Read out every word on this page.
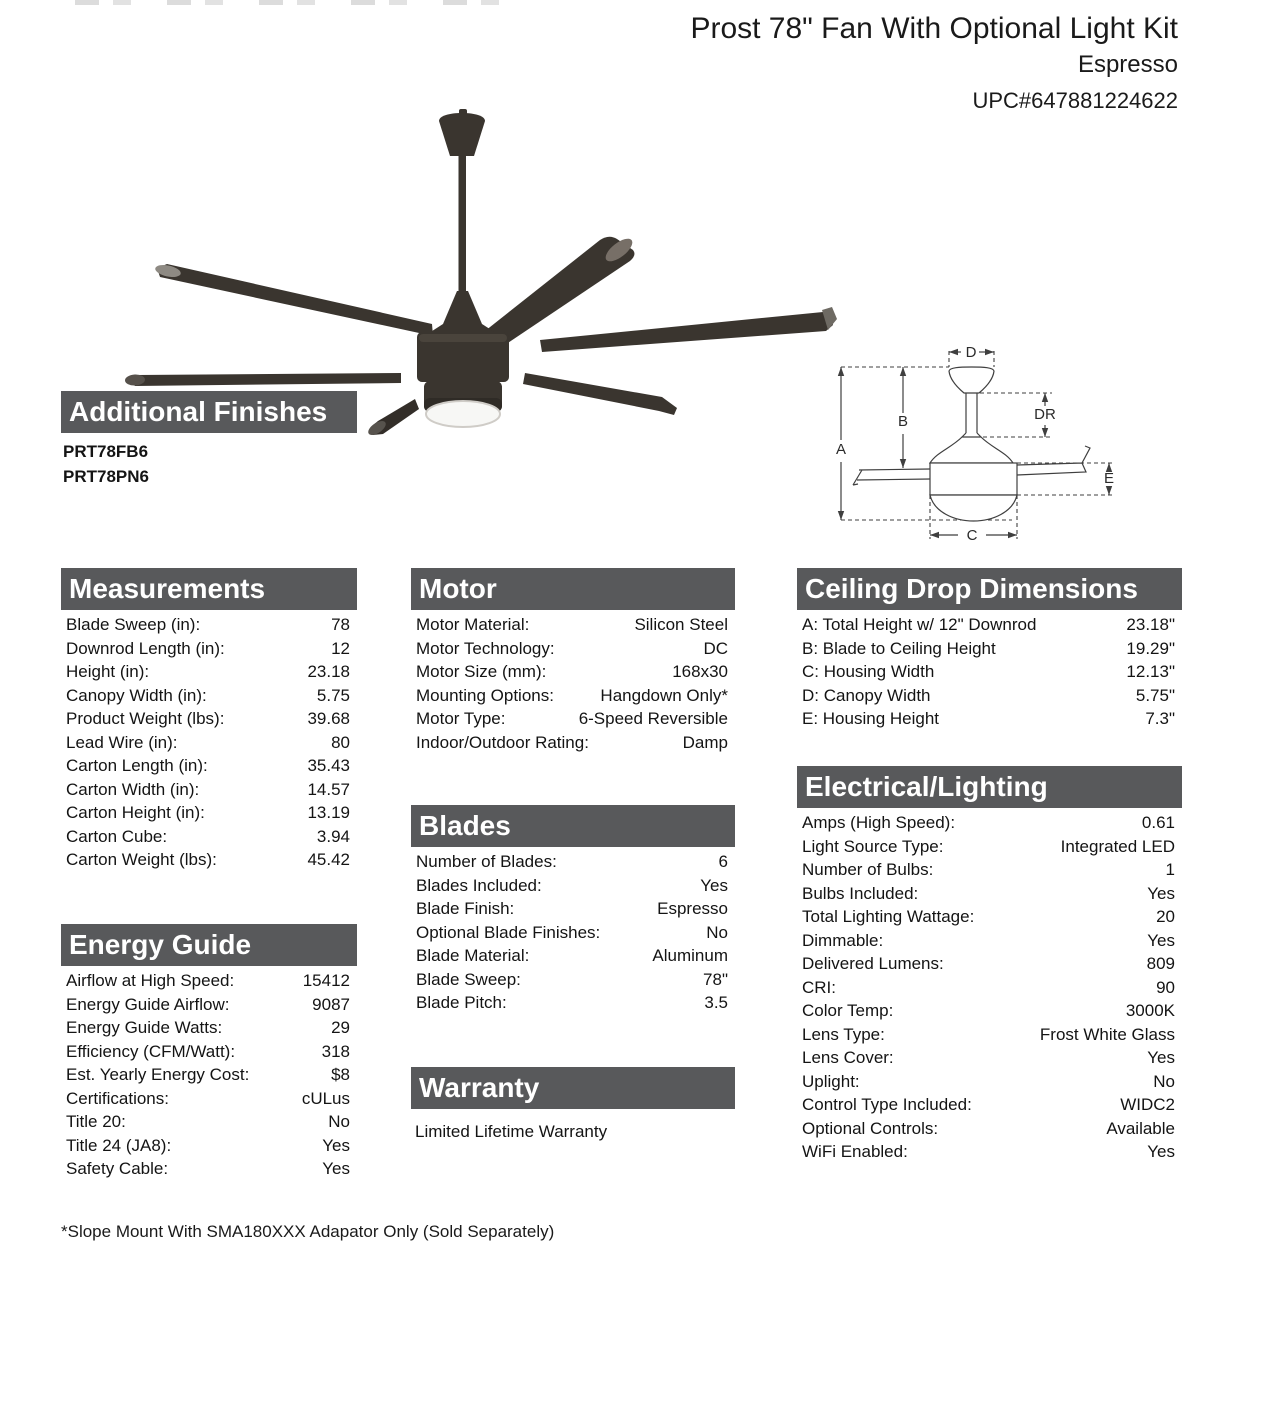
Prost 78" Fan With Optional Light Kit
Espresso
UPC#647881224622
D
A
B	DR
E
C
Additional Finishes
PRT78FB6
PRT78PN6
Measurements
Blade Sweep (in):	78
Downrod Length (in):	12
Height (in):	23.18
Canopy Width (in):	5.75
Product Weight (lbs):	39.68
Lead Wire (in):	80
Carton Length (in):	35.43
Carton Width (in):	14.57
Carton Height (in):	13.19
Carton Cube:	3.94
Carton Weight (lbs):	45.42
Energy Guide
Airflow at High Speed:	15412
Energy Guide Airflow:	9087
Energy Guide Watts:	29
Efficiency (CFM/Watt):	318
Est. Yearly Energy Cost:	$8
Certifications:	cULus
Title 20:	No
Title 24 (JA8):	Yes
Safety Cable:	Yes
Motor
Motor Material:	Silicon Steel
Motor Technology:	DC
Motor Size (mm):	168x30
Mounting Options:	Hangdown Only*
Motor Type:	6-Speed Reversible
Indoor/Outdoor Rating:	Damp
Blades
Number of Blades:	6
Blades Included:	Yes
Blade Finish:	Espresso
Optional Blade Finishes:	No
Blade Material:	Aluminum
Blade Sweep:	78"
Blade Pitch:	3.5
Warranty
Limited Lifetime Warranty
Ceiling Drop Dimensions
A: Total Height w/ 12" Downrod	23.18"
B: Blade to Ceiling Height	19.29"
C: Housing Width	12.13"
D: Canopy Width	5.75"
E: Housing Height	7.3"
Electrical/Lighting
Amps (High Speed):	0.61
Light Source Type:	Integrated LED
Number of Bulbs:	1
Bulbs Included:	Yes
Total Lighting Wattage:	20
Dimmable:	Yes
Delivered Lumens:	809
CRI:	90
Color Temp:	3000K
Lens Type:	Frost White Glass
Lens Cover:	Yes
Uplight:	No
Control Type Included:	WIDC2
Optional Controls:	Available
WiFi Enabled:	Yes
*Slope Mount With SMA180XXX Adapator Only (Sold Separately)
